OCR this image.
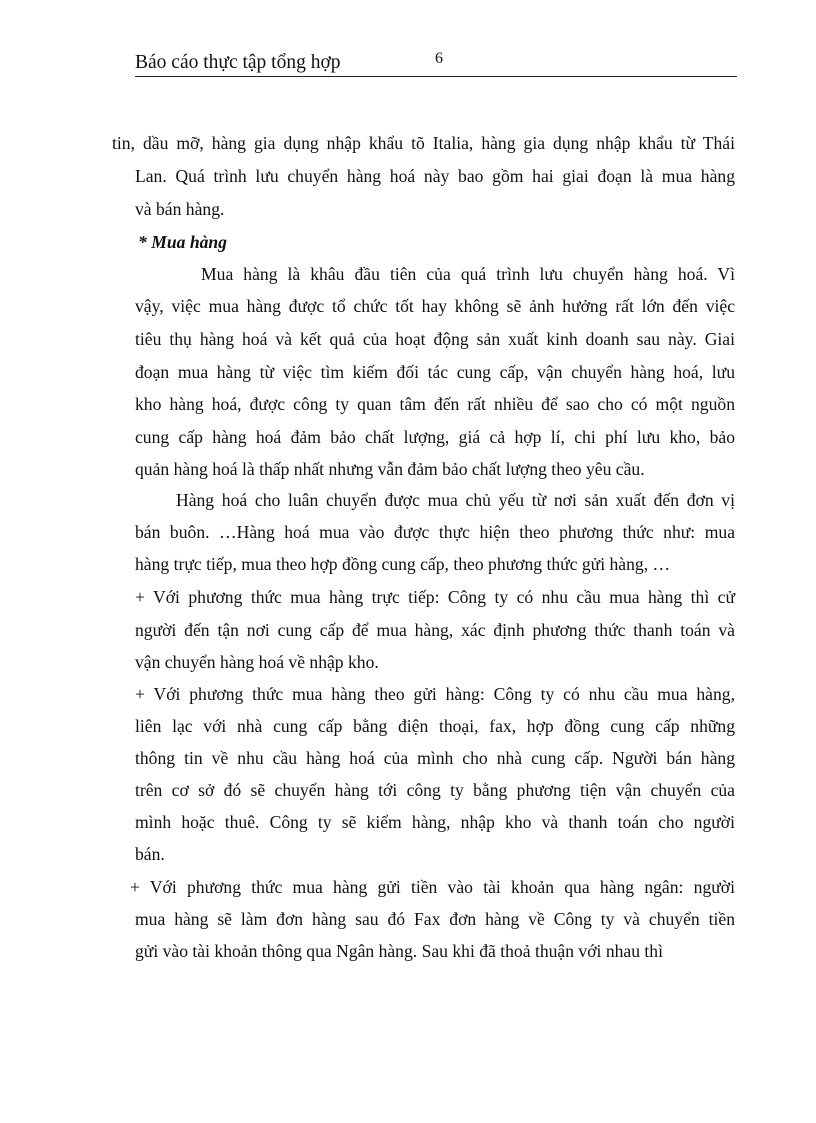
Báo cáo thực tập tổng hợp	6
tin, dầu mỡ, hàng gia dụng nhập khẩu tõ Italia, hàng gia dụng nhập khẩu từ Thái
Lan. Quá trình lưu chuyển hàng hoá này bao gồm hai giai đoạn là mua hàng
và bán hàng.
* Mua hàng
Mua hàng là khâu đầu tiên của quá trình lưu chuyển hàng hoá. Vì
vậy, việc mua hàng được tổ chức tốt hay không sẽ ảnh hưởng rất lớn đến việc
tiêu thụ hàng hoá và kết quả của hoạt động sản xuất kinh doanh sau này. Giai
đoạn mua hàng từ việc tìm kiếm đối tác cung cấp, vận chuyển hàng hoá, lưu
kho hàng hoá, được công ty quan tâm đến rất nhiều để sao cho có một nguồn
cung cấp hàng hoá đảm bảo chất lượng, giá cả hợp lí, chi phí lưu kho, bảo
quản hàng hoá là thấp nhất nhưng vẫn đảm bảo chất lượng theo yêu cầu.
Hàng hoá cho luân chuyển được mua chủ yếu từ nơi sản xuất đến đơn vị
bán buôn. …Hàng hoá mua vào được thực hiện theo phương thức như: mua
hàng trực tiếp, mua theo hợp đồng cung cấp, theo phương thức gửi hàng, …
+ Với phương thức mua hàng trực tiếp: Công ty có nhu cầu mua hàng thì cử
người đến tận nơi cung cấp để mua hàng, xác định phương thức thanh toán và
vận chuyển hàng hoá về nhập kho.
+ Với phương thức mua hàng theo gửi hàng: Công ty có nhu cầu mua hàng,
liên lạc với nhà cung cấp bằng điện thoại, fax, hợp đồng cung cấp những
thông tin về nhu cầu hàng hoá của mình cho nhà cung cấp. Người bán hàng
trên cơ sở đó sẽ chuyển hàng tới công ty bằng phương tiện vận chuyển của
mình hoặc thuê. Công ty sẽ kiểm hàng, nhập kho và thanh toán cho người
bán.
+ Với phương thức mua hàng gửi tiền vào tài khoản qua hàng ngân: người
mua hàng sẽ làm đơn hàng sau đó Fax đơn hàng về Công ty và chuyển tiền
gửi vào tài khoản thông qua Ngân hàng. Sau khi đã thoả thuận với nhau thì
